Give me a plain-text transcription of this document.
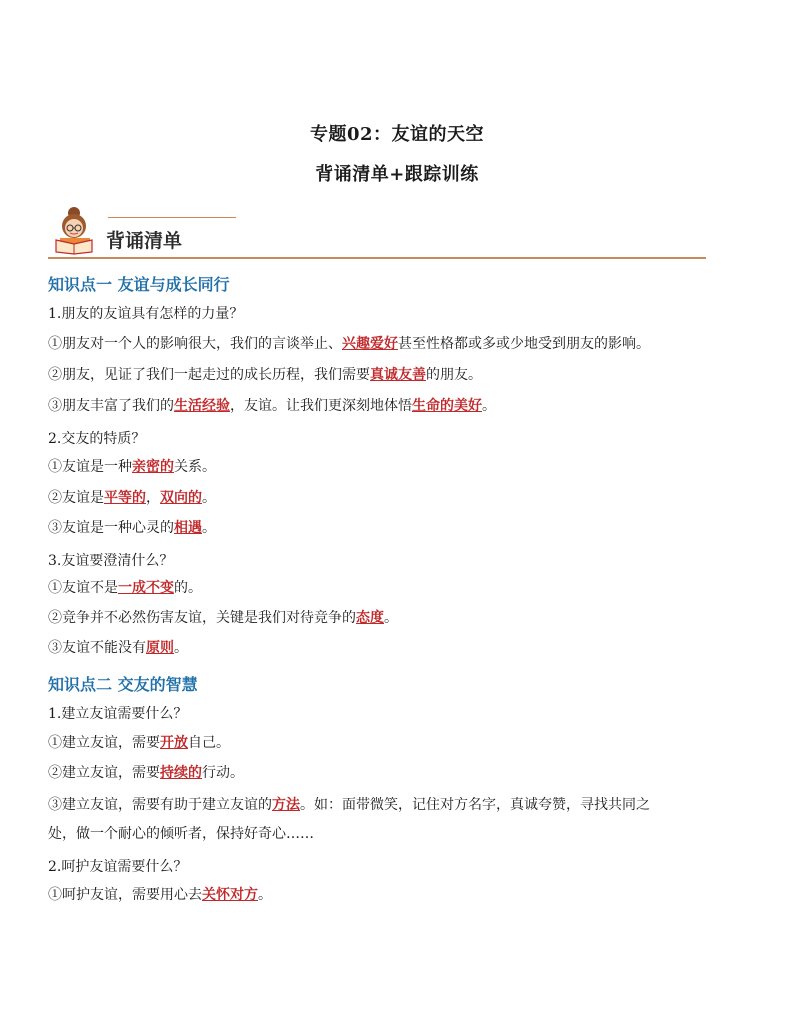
专题02：友谊的天空
背诵清单+跟踪训练
背诵清单
知识点一 友谊与成长同行
1.朋友的友谊具有怎样的力量？
①朋友对一个人的影响很大，我们的言谈举止、兴趣爱好甚至性格都或多或少地受到朋友的影响。
②朋友，见证了我们一起走过的成长历程，我们需要真诚友善的朋友。
③朋友丰富了我们的生活经验，友谊。让我们更深刻地体悟生命的美好。
2.交友的特质？
①友谊是一种亲密的关系。
②友谊是平等的，双向的。
③友谊是一种心灵的相遇。
3.友谊要澄清什么？
①友谊不是一成不变的。
②竞争并不必然伤害友谊，关键是我们对待竞争的态度。
③友谊不能没有原则。
知识点二 交友的智慧
1.建立友谊需要什么？
①建立友谊，需要开放自己。
②建立友谊，需要持续的行动。
③建立友谊，需要有助于建立友谊的方法。如：面带微笑，记住对方名字，真诚夸赞，寻找共同之
处，做一个耐心的倾听者，保持好奇心……
2.呵护友谊需要什么？
①呵护友谊，需要用心去关怀对方。
